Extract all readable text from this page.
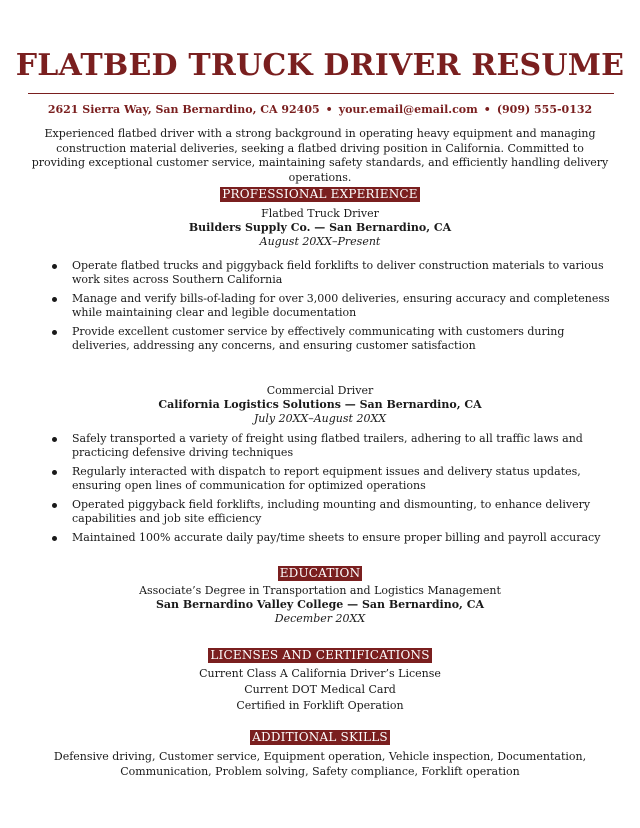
FLATBED TRUCK DRIVER RESUME
2621 Sierra Way, San Bernardino, CA 92405 • your.email@email.com • (909) 555-0132
Experienced flatbed driver with a strong background in operating heavy equipment and managing construction material deliveries, seeking a flatbed driving position in California. Committed to providing exceptional customer service, maintaining safety standards, and efficiently handling delivery operations.
PROFESSIONAL EXPERIENCE
Flatbed Truck Driver
Builders Supply Co. — San Bernardino, CA
August 20XX–Present
Operate flatbed trucks and piggyback field forklifts to deliver construction materials to various work sites across Southern California
Manage and verify bills-of-lading for over 3,000 deliveries, ensuring accuracy and completeness while maintaining clear and legible documentation
Provide excellent customer service by effectively communicating with customers during deliveries, addressing any concerns, and ensuring customer satisfaction
Commercial Driver
California Logistics Solutions — San Bernardino, CA
July 20XX–August 20XX
Safely transported a variety of freight using flatbed trailers, adhering to all traffic laws and practicing defensive driving techniques
Regularly interacted with dispatch to report equipment issues and delivery status updates, ensuring open lines of communication for optimized operations
Operated piggyback field forklifts, including mounting and dismounting, to enhance delivery capabilities and job site efficiency
Maintained 100% accurate daily pay/time sheets to ensure proper billing and payroll accuracy
EDUCATION
Associate’s Degree in Transportation and Logistics Management
San Bernardino Valley College — San Bernardino, CA
December 20XX
LICENSES AND CERTIFICATIONS
Current Class A California Driver’s License
Current DOT Medical Card
Certified in Forklift Operation
ADDITIONAL SKILLS
Defensive driving, Customer service, Equipment operation, Vehicle inspection, Documentation,
Communication, Problem solving, Safety compliance, Forklift operation
